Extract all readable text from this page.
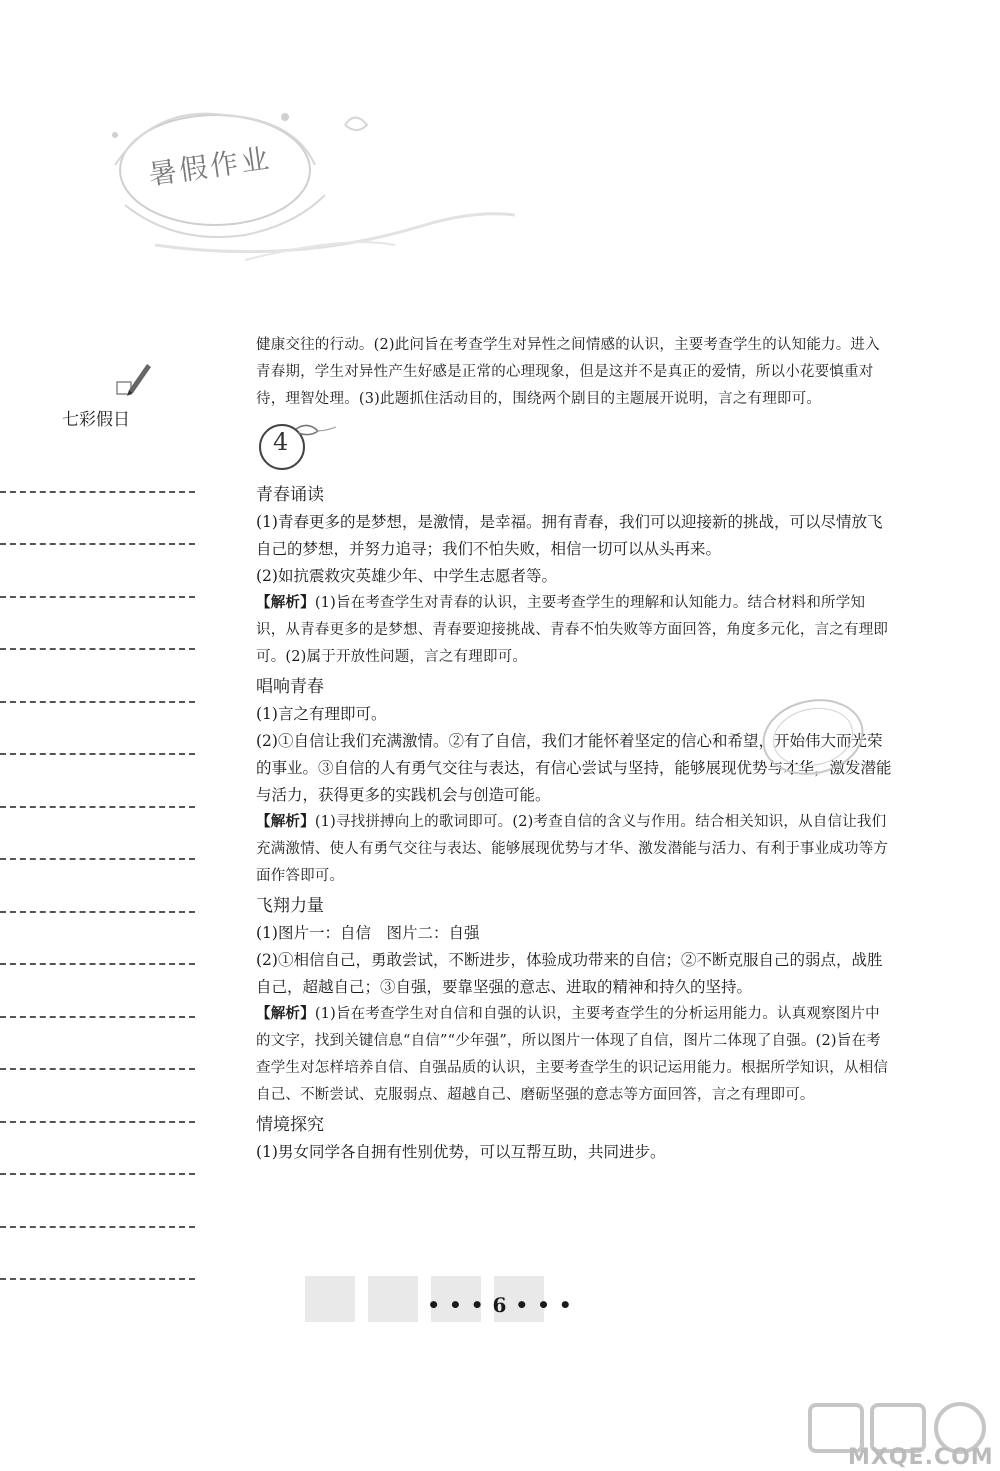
暑假作业
七彩假日

健康交往的行动。(2)此问旨在考查学生对异性之间情感的认识，主要考查学生的认知能力。进入青春期，学生对异性产生好感是正常的心理现象，但是这并不是真正的爱情，所以小花要慎重对待，理智处理。(3)此题抓住活动目的，围绕两个剧目的主题展开说明，言之有理即可。

4
青春诵读

(1)青春更多的是梦想，是激情，是幸福。拥有青春，我们可以迎接新的挑战，可以尽情放飞自己的梦想，并努力追寻；我们不怕失败，相信一切可以从头再来。

(2)如抗震救灾英雄少年、中学生志愿者等。

【解析】(1)旨在考查学生对青春的认识，主要考查学生的理解和认知能力。结合材料和所学知识，从青春更多的是梦想、青春要迎接挑战、青春不怕失败等方面回答，角度多元化，言之有理即可。(2)属于开放性问题，言之有理即可。

唱响青春

(1)言之有理即可。

(2)①自信让我们充满激情。②有了自信，我们才能怀着坚定的信心和希望，开始伟大而光荣的事业。③自信的人有勇气交往与表达，有信心尝试与坚持，能够展现优势与才华，激发潜能与活力，获得更多的实践机会与创造可能。

【解析】(1)寻找拼搏向上的歌词即可。(2)考查自信的含义与作用。结合相关知识，从自信让我们充满激情、使人有勇气交往与表达、能够展现优势与才华、激发潜能与活力、有利于事业成功等方面作答即可。

飞翔力量

(1)图片一：自信　图片二：自强

(2)①相信自己，勇敢尝试，不断进步，体验成功带来的自信；②不断克服自己的弱点，战胜自己，超越自己；③自强，要靠坚强的意志、进取的精神和持久的坚持。

【解析】(1)旨在考查学生对自信和自强的认识，主要考查学生的分析运用能力。认真观察图片中的文字，找到关键信息“自信”“少年强”，所以图片一体现了自信，图片二体现了自强。(2)旨在考查学生对怎样培养自信、自强品质的认识，主要考查学生的识记运用能力。根据所学知识，从相信自己、不断尝试、克服弱点、超越自己、磨砺坚强的意志等方面回答，言之有理即可。

情境探究

(1)男女同学各自拥有性别优势，可以互帮互助，共同进步。

• • • 6 • • •
MXQE.COM
